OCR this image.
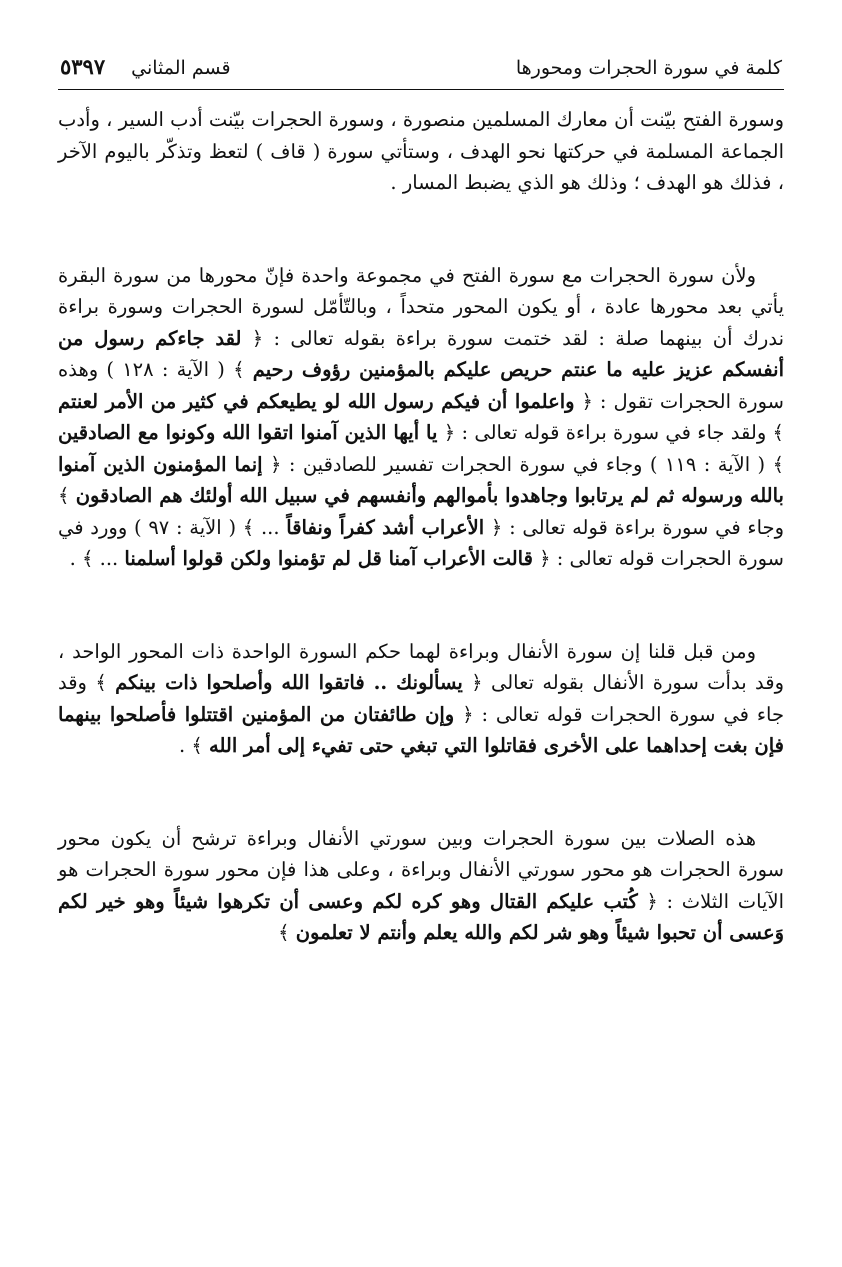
كلمة في سورة الحجرات ومحورها
قسم المثاني
٥٣٩٧

وسورة الفتح بيّنت أن معارك المسلمين منصورة ، وسورة الحجرات بيّنت أدب السير ، وأدب الجماعة المسلمة في حركتها نحو الهدف ، وستأتي سورة ( قاف ) لتعظ وتذكّر باليوم الآخر ، فذلك هو الهدف ؛ وذلك هو الذي يضبط المسار .

ولأن سورة الحجرات مع سورة الفتح في مجموعة واحدة فإنّ محورها من سورة البقرة يأتي بعد محورها عادة ، أو يكون المحور متحداً ، وبالتّأمّل لسورة الحجرات وسورة براءة ندرك أن بينهما صلة : لقد ختمت سورة براءة بقوله تعالى : ﴿ لقد جاءكم رسول من أنفسكم عزيز عليه ما عنتم حريص عليكم بالمؤمنين رؤوف رحيم ﴾ ( الآية : ١٢٨ ) وهذه سورة الحجرات تقول : ﴿ واعلموا أن فيكم رسول الله لو يطيعكم في كثير من الأمر لعنتم ﴾ ولقد جاء في سورة براءة قوله تعالى : ﴿ يا أيها الذين آمنوا اتقوا الله وكونوا مع الصادقين ﴾ ( الآية : ١١٩ ) وجاء في سورة الحجرات تفسير للصادقين : ﴿ إنما المؤمنون الذين آمنوا بالله ورسوله ثم لم يرتابوا وجاهدوا بأموالهم وأنفسهم في سبيل الله أولئك هم الصادقون ﴾ وجاء في سورة براءة قوله تعالى : ﴿ الأعراب أشد كفراً ونفاقاً ... ﴾ ( الآية : ٩٧ ) وورد في سورة الحجرات قوله تعالى : ﴿ قالت الأعراب آمنا قل لم تؤمنوا ولكن قولوا أسلمنا ... ﴾ .

ومن قبل قلنا إن سورة الأنفال وبراءة لهما حكم السورة الواحدة ذات المحور الواحد ، وقد بدأت سورة الأنفال بقوله تعالى ﴿ يسألونك .. فاتقوا الله وأصلحوا ذات بينكم ﴾ وقد جاء في سورة الحجرات قوله تعالى : ﴿ وإن طائفتان من المؤمنين اقتتلوا فأصلحوا بينهما فإن بغت إحداهما على الأخرى فقاتلوا التي تبغي حتى تفيء إلى أمر الله ﴾ .

هذه الصلات بين سورة الحجرات وبين سورتي الأنفال وبراءة ترشح أن يكون محور سورة الحجرات هو محور سورتي الأنفال وبراءة ، وعلى هذا فإن محور سورة الحجرات هو الآيات الثلاث : ﴿ كُتب عليكم القتال وهو كره لكم وعسى أن تكرهوا شيئاً وهو خير لكم وَعسى أن تحبوا شيئاً وهو شر لكم والله يعلم وأنتم لا تعلمون ﴾
